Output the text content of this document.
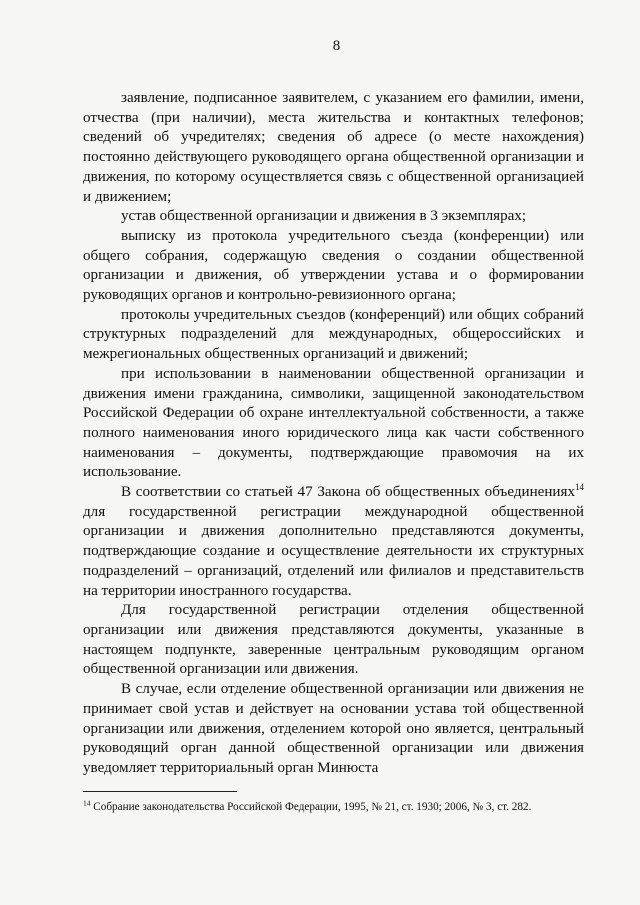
8

заявление, подписанное заявителем, с указанием его фамилии, имени, отчества (при наличии), места жительства и контактных телефонов; сведений об учредителях; сведения об адресе (о месте нахождения) постоянно действующего руководящего органа общественной организации и движения, по которому осуществляется связь с общественной организацией и движением;

устав общественной организации и движения в 3 экземплярах;

выписку из протокола учредительного съезда (конференции) или общего собрания, содержащую сведения о создании общественной организации и движения, об утверждении устава и о формировании руководящих органов и контрольно-ревизионного органа;

протоколы учредительных съездов (конференций) или общих собраний структурных подразделений для международных, общероссийских и межрегиональных общественных организаций и движений;

при использовании в наименовании общественной организации и движения имени гражданина, символики, защищенной законодательством Российской Федерации об охране интеллектуальной собственности, а также полного наименования иного юридического лица как части собственного наименования – документы, подтверждающие правомочия на их использование.

В соответствии со статьей 47 Закона об общественных объединениях$^{14}$ для государственной регистрации международной общественной организации и движения дополнительно представляются документы, подтверждающие создание и осуществление деятельности их структурных подразделений – организаций, отделений или филиалов и представительств на территории иностранного государства.

Для государственной регистрации отделения общественной организации или движения представляются документы, указанные в настоящем подпункте, заверенные центральным руководящим органом общественной организации или движения.

В случае, если отделение общественной организации или движения не принимает свой устав и действует на основании устава той общественной организации или движения, отделением которой оно является, центральный руководящий орган данной общественной организации или движения уведомляет территориальный орган Минюста

$^{14}$ Собрание законодательства Российской Федерации, 1995, № 21, ст. 1930; 2006, № 3, ст. 282.
